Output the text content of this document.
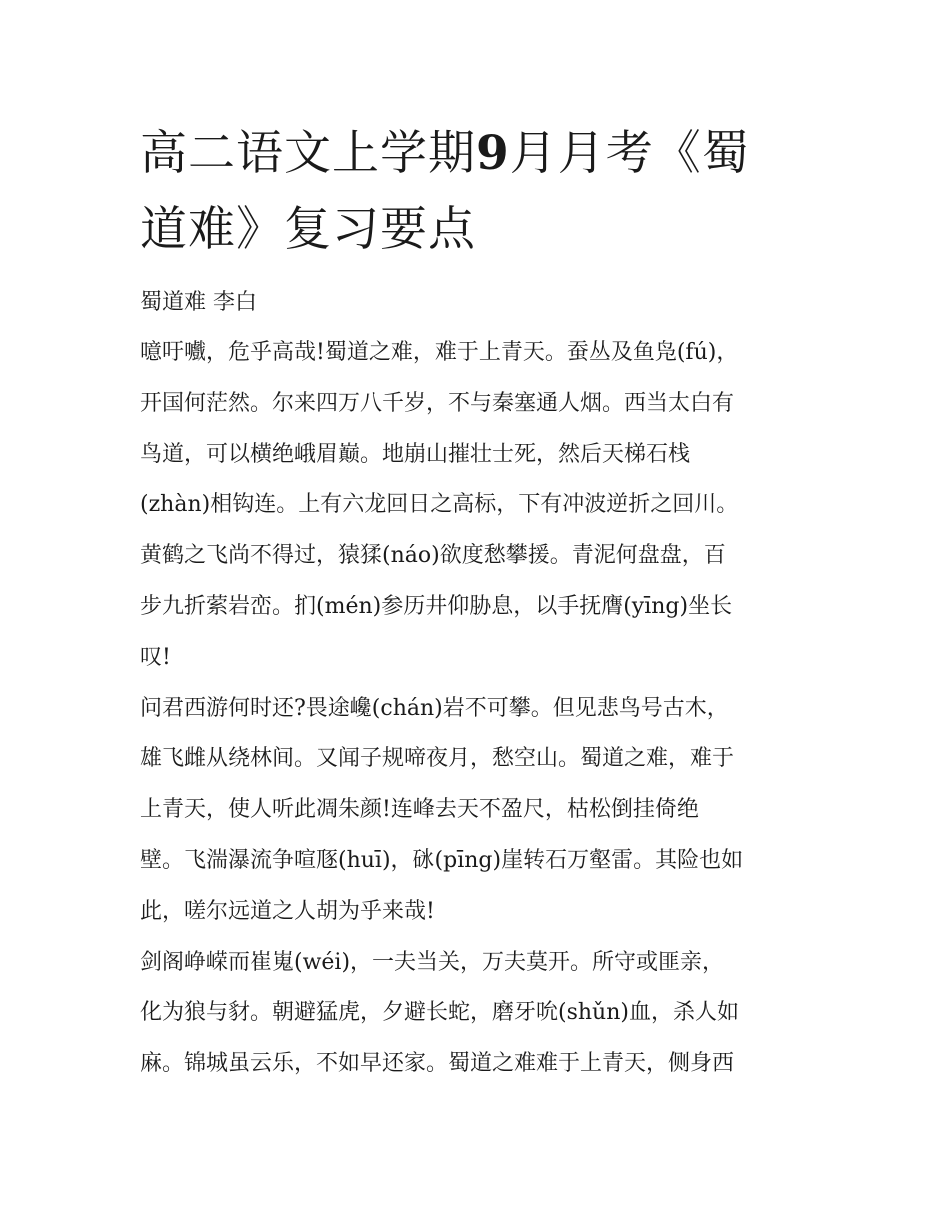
高二语文上学期9月月考《蜀
道难》复习要点
蜀道难 李白
噫吁嚱，危乎高哉!蜀道之难，难于上青天。蚕丛及鱼凫(fú)，
开国何茫然。尔来四万八千岁，不与秦塞通人烟。西当太白有
鸟道，可以横绝峨眉巅。地崩山摧壮士死，然后天梯石栈
(zhàn)相钩连。上有六龙回日之高标，下有冲波逆折之回川。
黄鹤之飞尚不得过，猿猱(náo)欲度愁攀援。青泥何盘盘，百
步九折萦岩峦。扪(mén)参历井仰胁息，以手抚膺(yīng)坐长
叹!
问君西游何时还?畏途巉(chán)岩不可攀。但见悲鸟号古木，
雄飞雌从绕林间。又闻子规啼夜月，愁空山。蜀道之难，难于
上青天，使人听此凋朱颜!连峰去天不盈尺，枯松倒挂倚绝
壁。飞湍瀑流争喧豗(huī)，砯(pīng)崖转石万壑雷。其险也如
此，嗟尔远道之人胡为乎来哉!
剑阁峥嵘而崔嵬(wéi)，一夫当关，万夫莫开。所守或匪亲，
化为狼与豺。朝避猛虎，夕避长蛇，磨牙吮(shǔn)血，杀人如
麻。锦城虽云乐，不如早还家。蜀道之难难于上青天，侧身西
